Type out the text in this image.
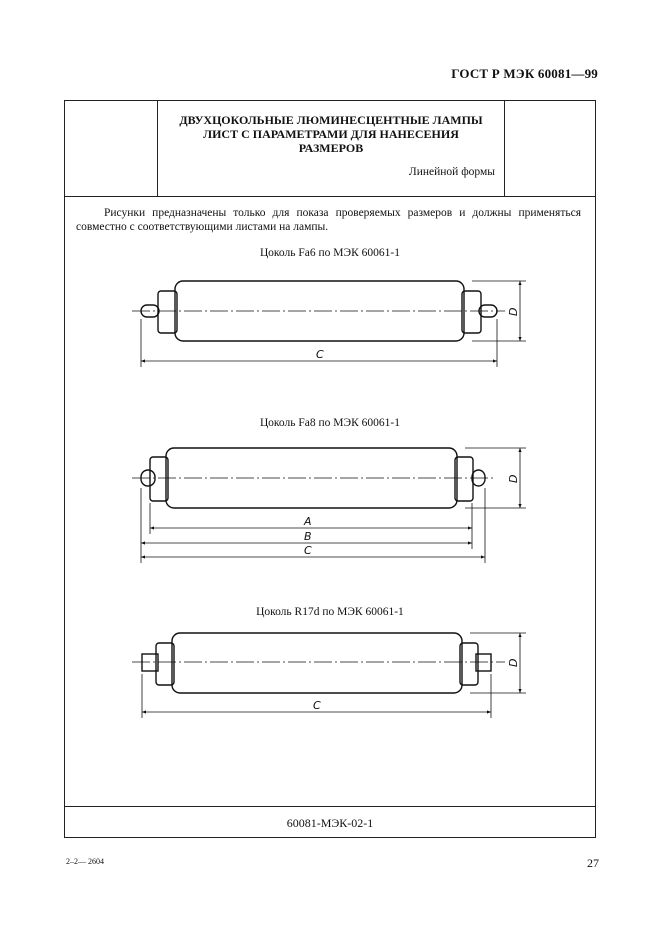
ГОСТ Р МЭК 60081—99
ДВУХЦОКОЛЬНЫЕ ЛЮМИНЕСЦЕНТНЫЕ ЛАМПЫ
ЛИСТ С ПАРАМЕТРАМИ ДЛЯ НАНЕСЕНИЯ
РАЗМЕРОВ
Линейной формы
Рисунки предназначены только для показа проверяемых размеров и должны применяться совместно с соответствующими листами на лампы.
Цоколь Fa6 по МЭК 60061-1
Цоколь Fa8 по МЭК 60061-1
Цоколь R17d по МЭК 60061-1
60081-МЭК-02-1
D
C
D
A
B
C
D
C
2–2— 2604	27
